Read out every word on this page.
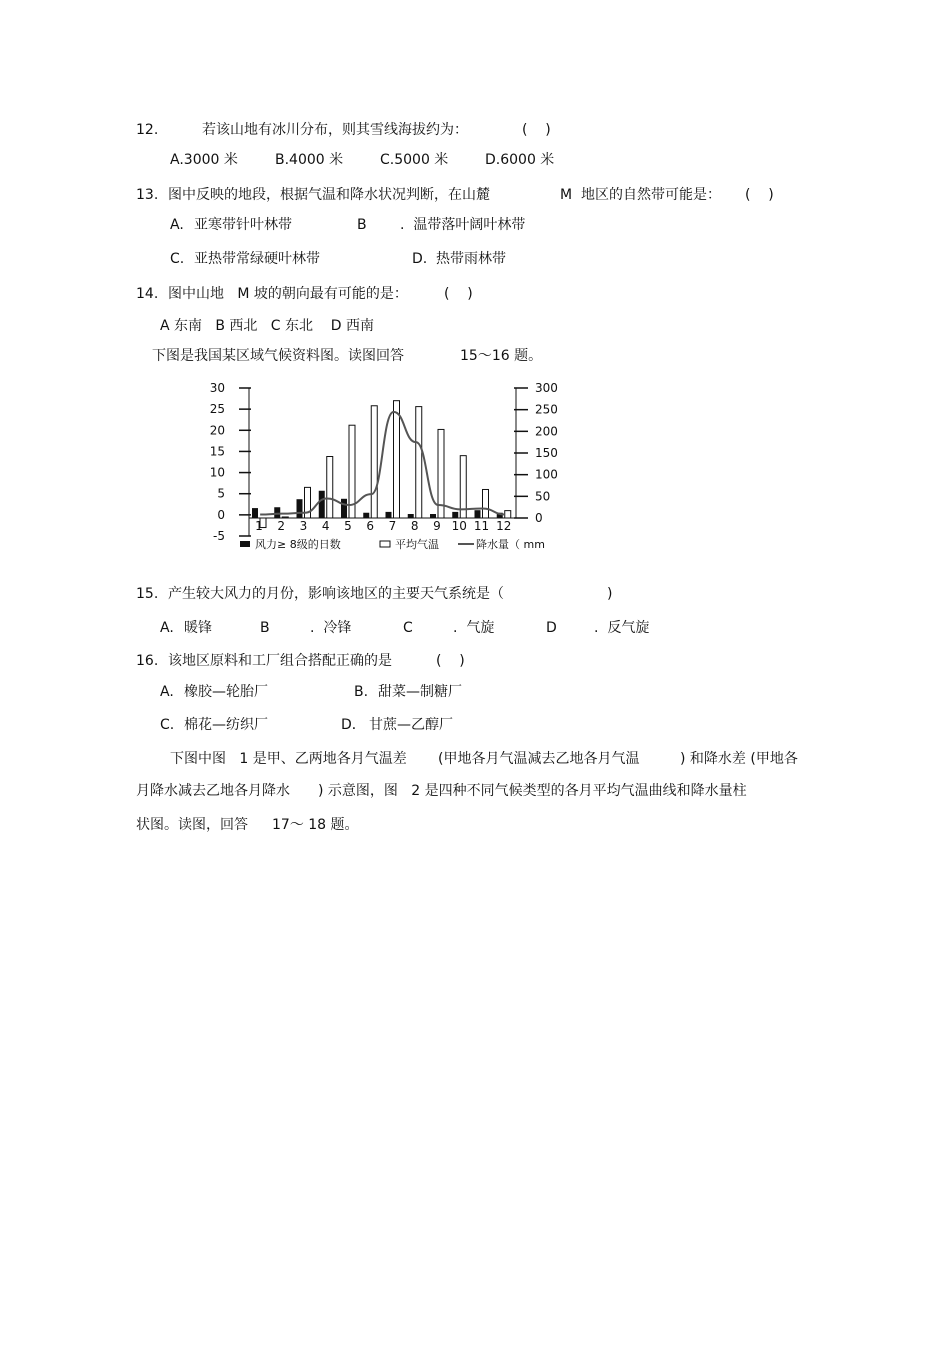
12.	若该山地有冰川分布，则其雪线海拔约为：	(    )
A.3000 米	B.4000 米	C.5000 米	D.6000 米
13. 图中反映的地段，根据气温和降水状况判断，在山麓	M  地区的自然带可能是： (    )
A. 亚寒带针叶林带	B .  温带落叶阔叶林带
C. 亚热带常绿硬叶林带	D. 热带雨林带
14. 图中山地   M 坡的朝向最有可能的是：	(    )
A 东南   B 西北   C 东北    D 西南
下图是我国某区域气候资料图。读图回答	15～16 题。
30
25
20
15
10
5
0
-5
300
250
200
150
100
50
0
1 2 3 4 5 6 7 8 9 10 11 12
风力≥ 8级的日数	平均气温	降水量（ mm
15. 产生较大风力的月份，影响该地区的主要天气系统是（	)
A. 暖锋	B	.  冷锋	C	.  气旋	D	.  反气旋
16. 该地区原料和工厂组合搭配正确的是	(    )
A. 橡胶—轮胎厂	B. 甜菜—制糖厂
C. 棉花—纺织厂	D． 甘蔗—乙醇厂
下图中图   1 是甲、乙两地各月气温差 (甲地各月气温减去乙地各月气温	) 和降水差 (甲地各
月降水减去乙地各月降水 ) 示意图，图   2 是四种不同气候类型的各月平均气温曲线和降水量柱
状图。读图，回答 17～ 18 题。
